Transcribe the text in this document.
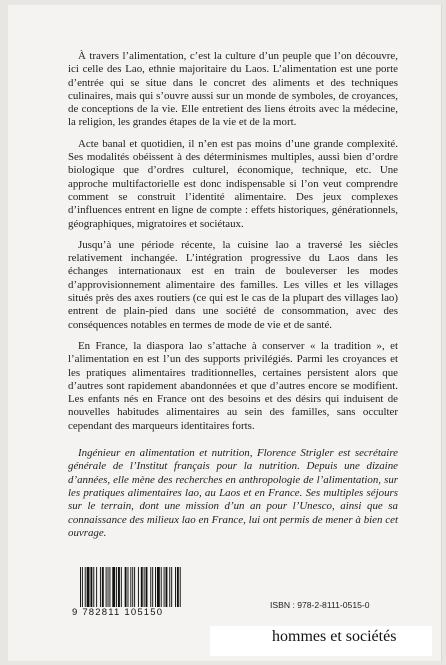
À travers l’alimentation, c’est la culture d’un peuple que l’on découvre, ici celle des Lao, ethnie majoritaire du Laos. L’alimentation est une porte d’entrée qui se situe dans le concret des aliments et des techniques culinaires, mais qui s’ouvre aussi sur un monde de symboles, de croyances, de conceptions de la vie. Elle entretient des liens étroits avec la médecine, la religion, les grandes étapes de la vie et de la mort.

Acte banal et quotidien, il n’en est pas moins d’une grande complexité. Ses modalités obéissent à des déterminismes multiples, aussi bien d’ordre biologique que d’ordres culturel, économique, technique, etc. Une approche multifactorielle est donc indispensable si l’on veut comprendre comment se construit l’identité alimentaire. Des jeux complexes d’influences entrent en ligne de compte : effets historiques, générationnels, géographiques, migratoires et sociétaux.

Jusqu’à une période récente, la cuisine lao a traversé les siècles relativement inchangée. L’intégration progressive du Laos dans les échanges internationaux est en train de bouleverser les modes d’approvisionnement alimentaire des familles. Les villes et les villages situés près des axes routiers (ce qui est le cas de la plupart des villages lao) entrent de plain-pied dans une société de consommation, avec des conséquences notables en termes de mode de vie et de santé.

En France, la diaspora lao s’attache à conserver « la tradition », et l’alimentation en est l’un des supports privilégiés. Parmi les croyances et les pratiques alimentaires traditionnelles, certaines persistent alors que d’autres sont rapidement abandonnées et que d’autres encore se modifient. Les enfants nés en France ont des besoins et des désirs qui induisent de nouvelles habitudes alimentaires au sein des familles, sans occulter cependant des marqueurs identitaires forts.

Ingénieur en alimentation et nutrition, Florence Strigler est secrétaire générale de l’Institut français pour la nutrition. Depuis une dizaine d’années, elle mène des recherches en anthropologie de l’alimentation, sur les pratiques alimentaires lao, au Laos et en France. Ses multiples séjours sur le terrain, dont une mission d’un an pour l’Unesco, ainsi que sa connaissance des milieux lao en France, lui ont permis de mener à bien cet ouvrage.

9 782811 105150
ISBN : 978-2-8111-0515-0
hommes et sociétés
